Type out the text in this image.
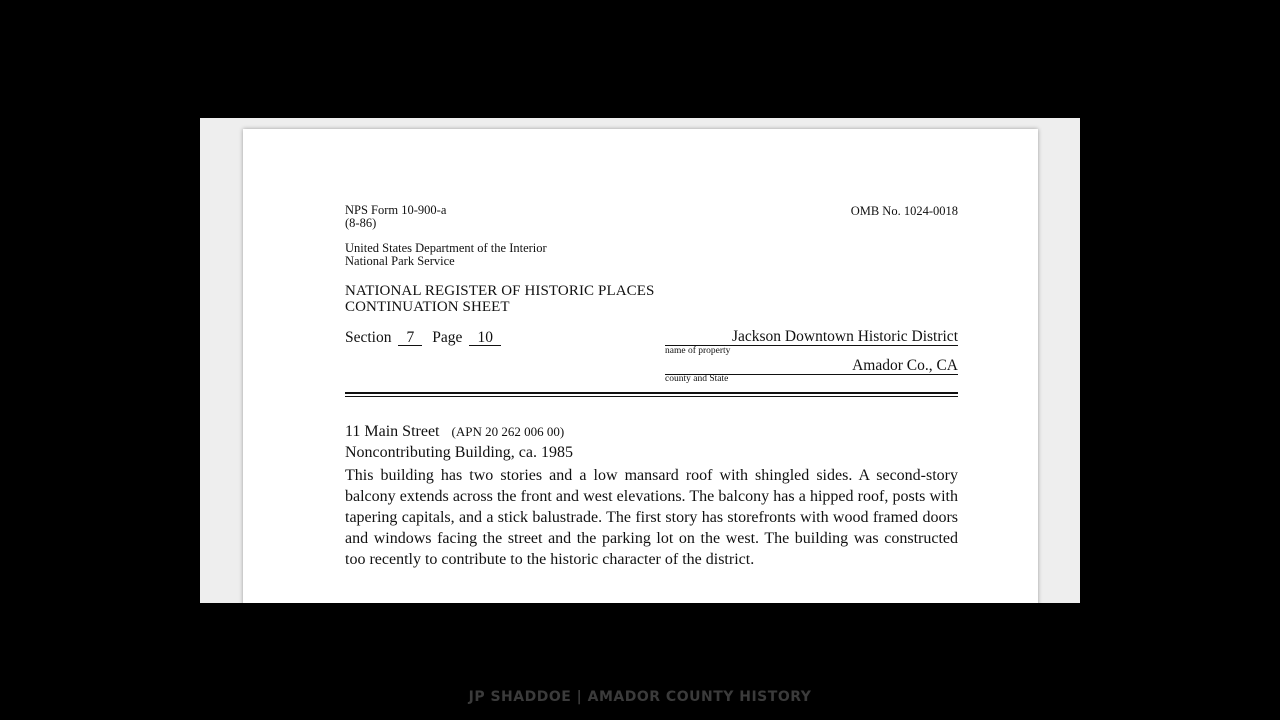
NPS Form 10-900-a
(8-86)
OMB No. 1024-0018
United States Department of the Interior
National Park Service
NATIONAL REGISTER OF HISTORIC PLACES
CONTINUATION SHEET
Section 7 Page 10	Jackson Downtown Historic District
name of property
Amador Co., CA
county and State
11 Main Street (APN 20 262 006 00)
Noncontributing Building, ca. 1985
This building has two stories and a low mansard roof with shingled sides. A second-story balcony extends across the front and west elevations. The balcony has a hipped roof, posts with tapering capitals, and a stick balustrade. The first story has storefronts with wood framed doors and windows facing the street and the parking lot on the west. The building was constructed too recently to contribute to the historic character of the district.
JP SHADDOE | AMADOR COUNTY HISTORY
